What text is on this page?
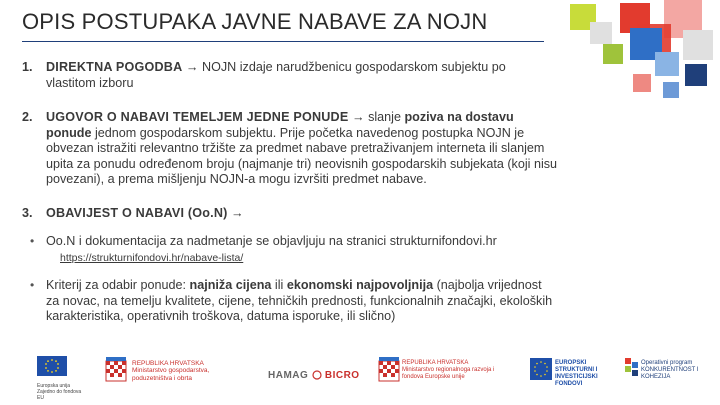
OPIS POSTUPAKA JAVNE NABAVE ZA NOJN
1. DIREKTNA POGODBA → NOJN izdaje narudžbenicu gospodarskom subjektu po vlastitom izboru
2. UGOVOR O NABAVI TEMELJEM JEDNE PONUDE → slanje poziva na dostavu ponude jednom gospodarskom subjektu. Prije početka navedenog postupka NOJN je obvezan istražiti relevantno tržište za predmet nabave pretraživanjem interneta ili slanjem upita za ponudu određenom broju (najmanje tri) neovisnih gospodarskih subjekata (koji nisu povezani), a prema mišljenju NOJN-a mogu izvršiti predmet nabave.
3. OBAVIJEST O NABAVI (Oo.N) →
• Oo.N i dokumentacija za nadmetanje se objavljuju na stranici strukturnifondovi.hr
https://strukturnifondovi.hr/nabave-lista/
• Kriterij za odabir ponude: najniža cijena ili ekonomski najpovoljnija (najbolja vrijednost za novac, na temelju kvalitete, cijene, tehničkih prednosti, funkcionalnih značajki, ekoloških karakteristika, operativnih troškova, datuma isporuke, ili slično)
Europska unija Zajedno do fondova EU
REPUBLIKA HRVATSKA Ministarstvo gospodarstva, poduzetništva i obrta	HAMAG BICRO
REPUBLIKA HRVATSKA Ministarstvo regionalnoga razvoja i fondova Europske unije
EUROPSKI STRUKTURNI I INVESTICIJSKI FONDOVI
Operativni program KONKURENTNOST I KOHEZIJA
